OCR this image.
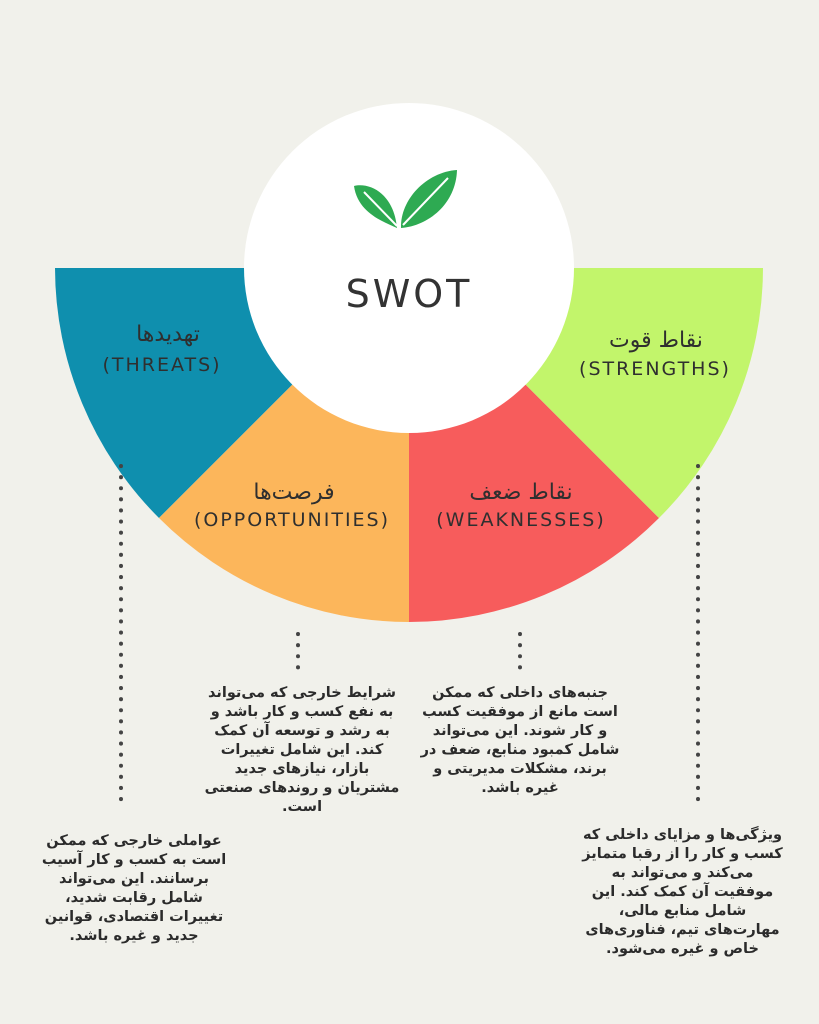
SWOT
تهدیدها
(THREATS)
فرصت‌ها
(OPPORTUNITIES)
نقاط ضعف
(WEAKNESSES)
نقاط قوت
(STRENGTHS)

عواملی خارجی که ممکن است به کسب و کار آسیب برسانند. این می‌تواند شامل رقابت شدید، تغییرات اقتصادی، قوانین جدید و غیره باشد.

شرایط خارجی که می‌تواند به نفع کسب و کار باشد و به رشد و توسعه آن کمک کند. این شامل تغییرات بازار، نیازهای جدید مشتریان و روندهای صنعتی است.

جنبه‌های داخلی که ممکن است مانع از موفقیت کسب و کار شوند. این می‌تواند شامل کمبود منابع، ضعف در برند، مشکلات مدیریتی و غیره باشد.

ویژگی‌ها و مزایای داخلی که کسب و کار را از رقبا متمایز می‌کند و می‌تواند به موفقیت آن کمک کند. این شامل منابع مالی، مهارت‌های تیم، فناوری‌های خاص و غیره می‌شود.
